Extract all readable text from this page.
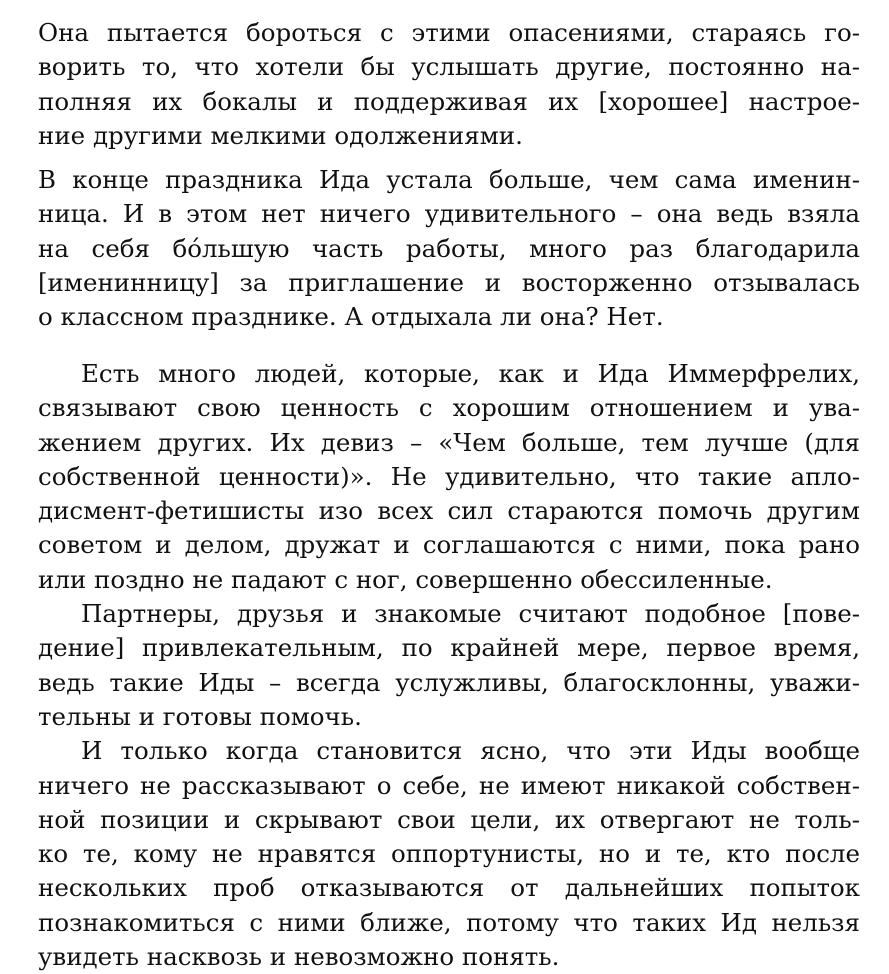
Она пытается бороться с этими опасениями, стараясь го-
ворить то, что хотели бы услышать другие, постоянно на-
полняя их бокалы и поддерживая их [хорошее] настрое-
ние другими мелкими одолжениями.
В конце праздника Ида устала больше, чем сама именин-
ница. И в этом нет ничего удивительного – она ведь взяла
на себя бо́льшую часть работы, много раз благодарила
[именинницу] за приглашение и восторженно отзывалась
о классном празднике. А отдыхала ли она? Нет.
Есть много людей, которые, как и Ида Иммерфрелих,
связывают свою ценность с хорошим отношением и ува-
жением других. Их девиз – «Чем больше, тем лучше (для
собственной ценности)». Не удивительно, что такие апло-
дисмент-фетишисты изо всех сил стараются помочь другим
советом и делом, дружат и соглашаются с ними, пока рано
или поздно не падают с ног, совершенно обессиленные.
Партнеры, друзья и знакомые считают подобное [пове-
дение] привлекательным, по крайней мере, первое время,
ведь такие Иды – всегда услужливы, благосклонны, уважи-
тельны и готовы помочь.
И только когда становится ясно, что эти Иды вообще
ничего не рассказывают о себе, не имеют никакой собствен-
ной позиции и скрывают свои цели, их отвергают не толь-
ко те, кому не нравятся оппортунисты, но и те, кто после
нескольких проб отказываются от дальнейших попыток
познакомиться с ними ближе, потому что таких Ид нельзя
увидеть насквозь и невозможно понять.
